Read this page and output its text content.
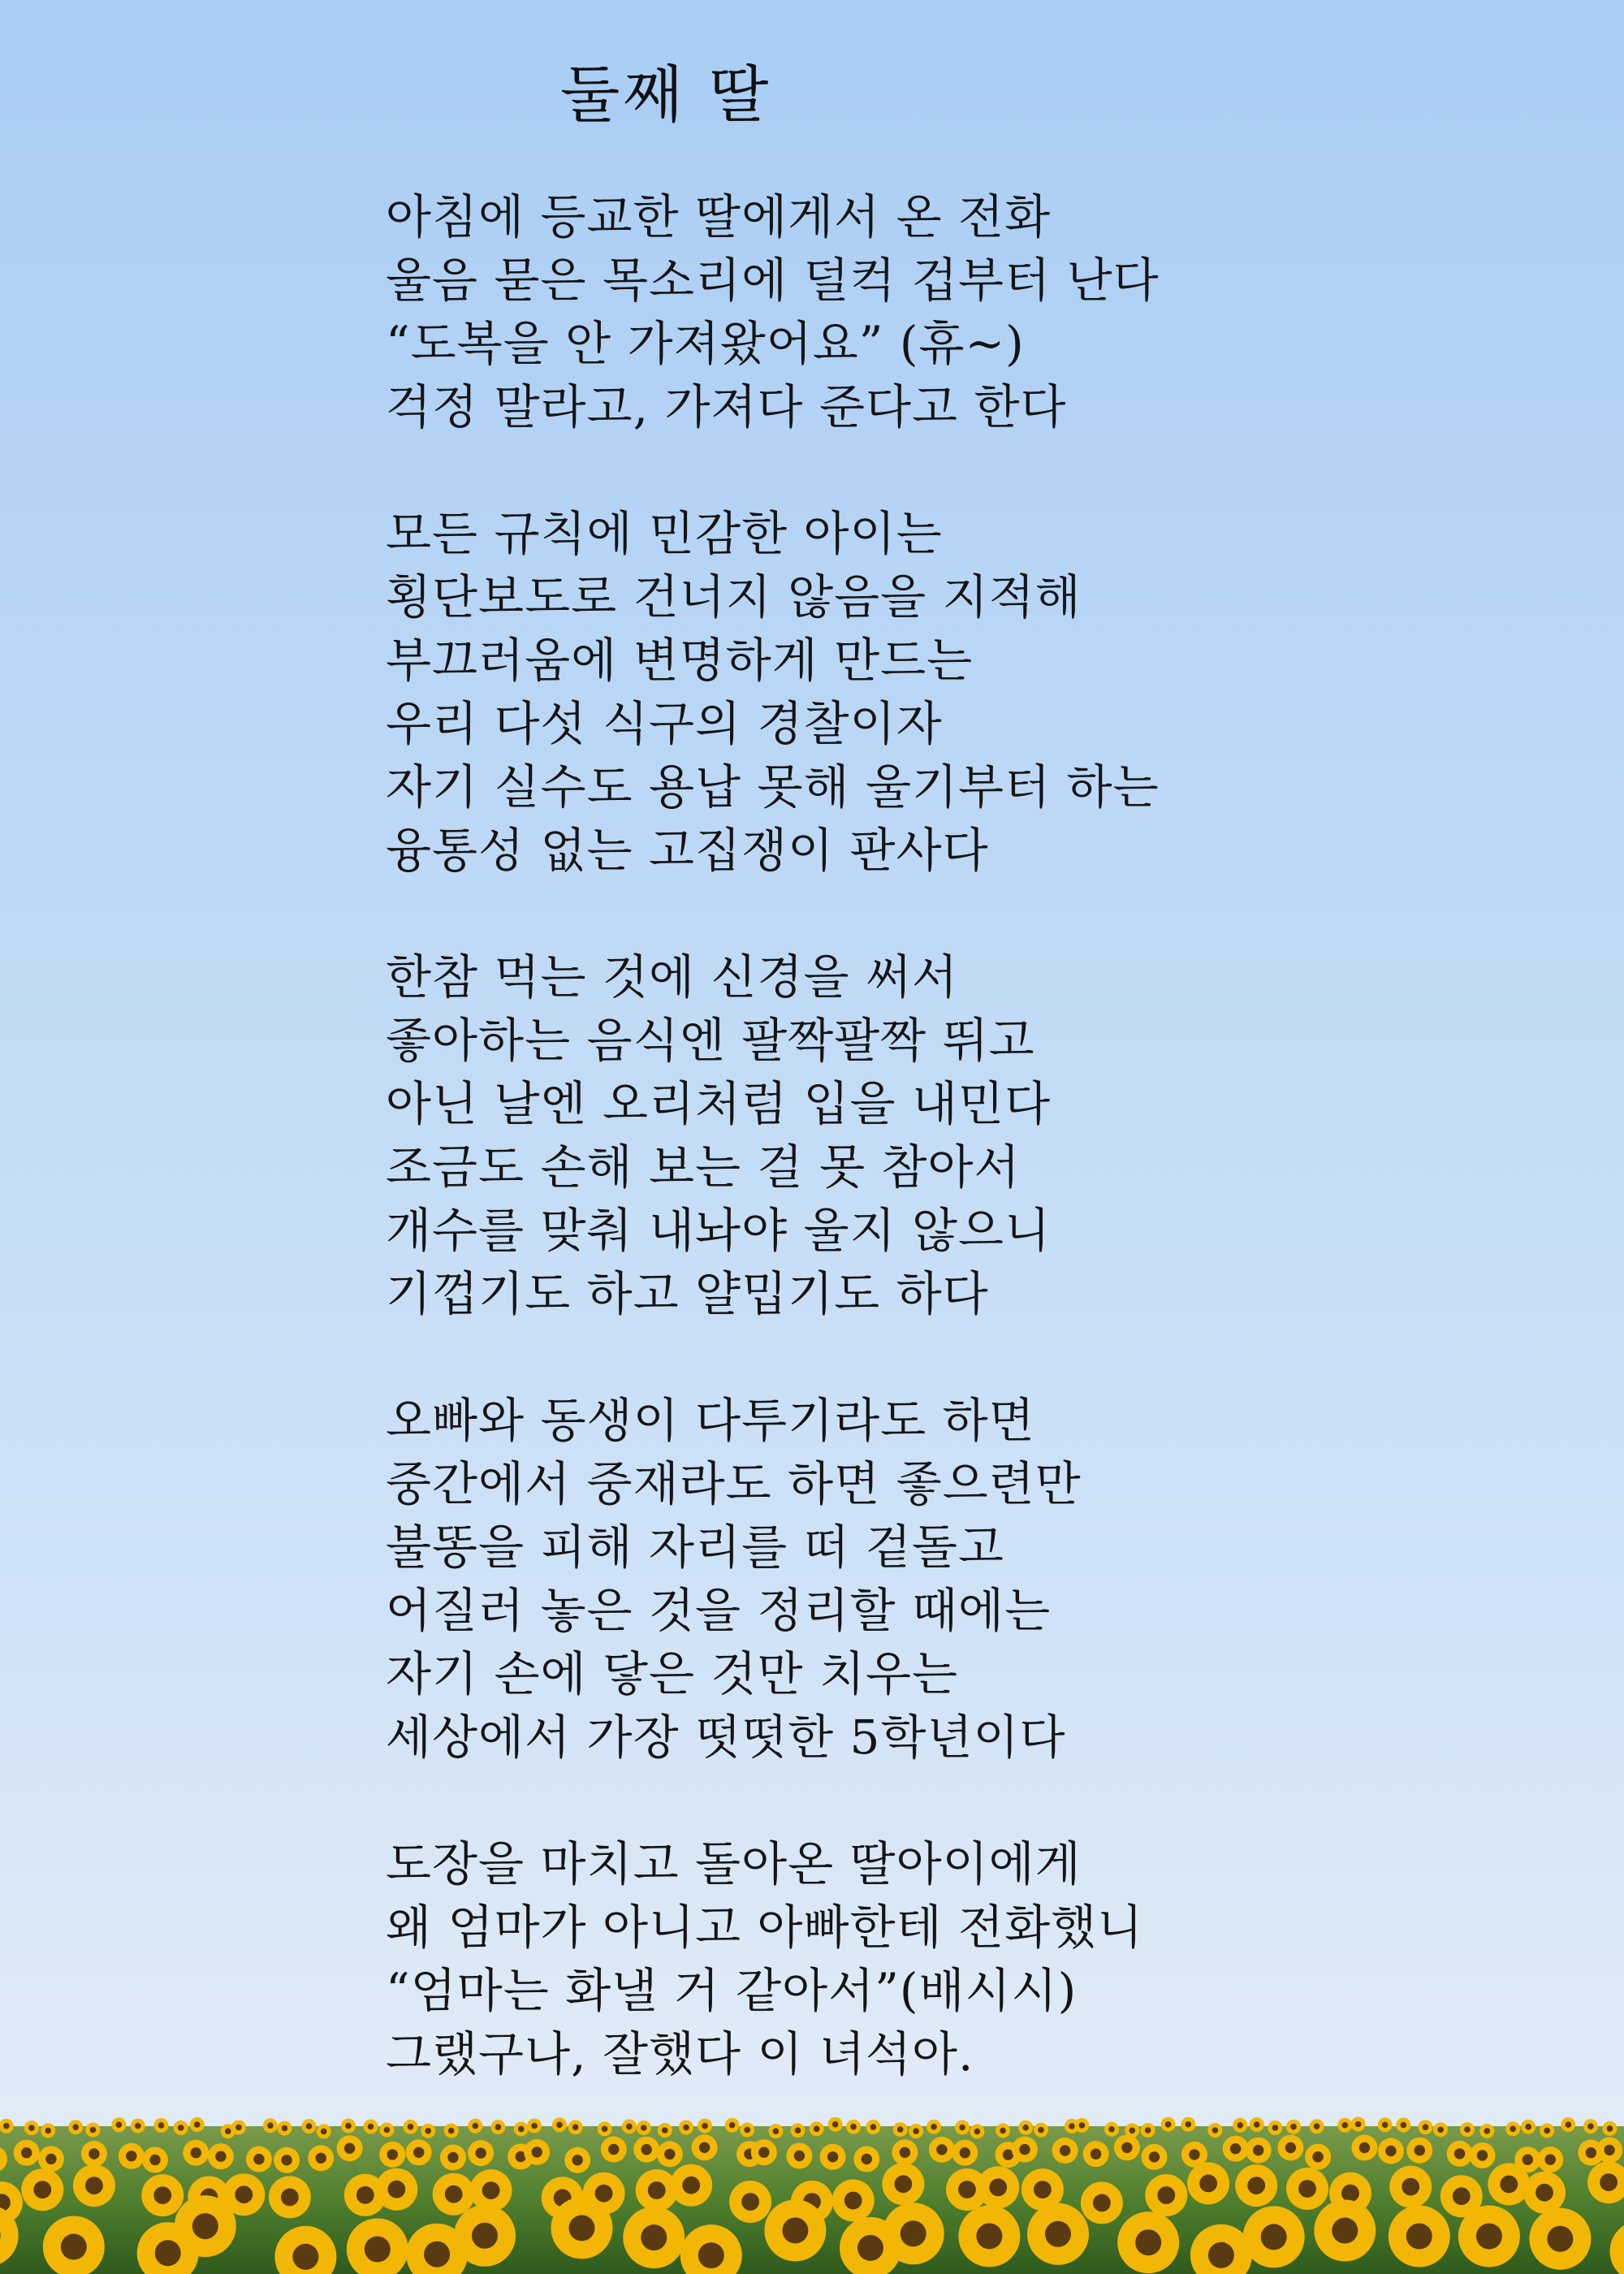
둘째 딸
아침에 등교한 딸에게서 온 전화
울음 묻은 목소리에 덜컥 겁부터 난다
“도복을 안 가져왔어요” (휴~)
걱정 말라고, 가져다 준다고 한다
모든 규칙에 민감한 아이는
횡단보도로 건너지 않음을 지적해
부끄러움에 변명하게 만드는
우리 다섯 식구의 경찰이자
자기 실수도 용납 못해 울기부터 하는
융통성 없는 고집쟁이 판사다
한참 먹는 것에 신경을 써서
좋아하는 음식엔 팔짝팔짝 뛰고
아닌 날엔 오리처럼 입을 내민다
조금도 손해 보는 걸 못 참아서
개수를 맞춰 내놔야 울지 않으니
기껍기도 하고 얄밉기도 하다
오빠와 동생이 다투기라도 하면
중간에서 중재라도 하면 좋으련만
불똥을 피해 자리를 떠 겉돌고
어질러 놓은 것을 정리할 때에는
자기 손에 닿은 것만 치우는
세상에서 가장 떳떳한 5학년이다
도장을 마치고 돌아온 딸아이에게
왜 엄마가 아니고 아빠한테 전화했니
“엄마는 화낼 거 같아서”(배시시)
그랬구나, 잘했다 이 녀석아.
